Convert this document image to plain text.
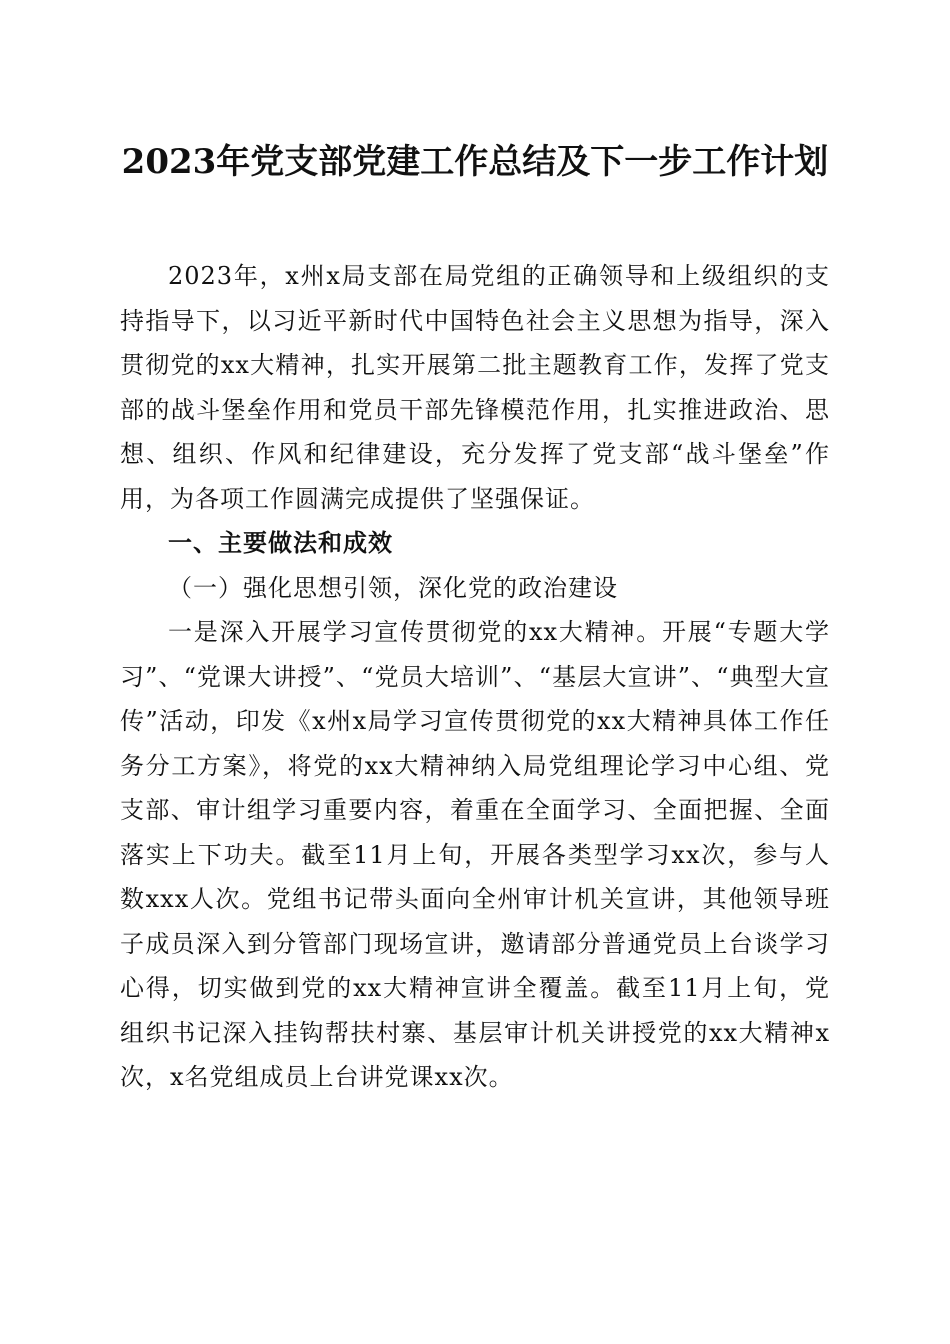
2023年党支部党建工作总结及下一步工作计划

2023年，x州x局支部在局党组的正确领导和上级组织的支持指导下，以习近平新时代中国特色社会主义思想为指导，深入贯彻党的xx大精神，扎实开展第二批主题教育工作，发挥了党支部的战斗堡垒作用和党员干部先锋模范作用，扎实推进政治、思想、组织、作风和纪律建设，充分发挥了党支部“战斗堡垒”作用，为各项工作圆满完成提供了坚强保证。

一、主要做法和成效

（一）强化思想引领，深化党的政治建设

一是深入开展学习宣传贯彻党的xx大精神。开展“专题大学习”、“党课大讲授”、“党员大培训”、“基层大宣讲”、“典型大宣传”活动，印发《x州x局学习宣传贯彻党的xx大精神具体工作任务分工方案》，将党的xx大精神纳入局党组理论学习中心组、党支部、审计组学习重要内容，着重在全面学习、全面把握、全面落实上下功夫。截至11月上旬，开展各类型学习xx次，参与人数xxx人次。党组书记带头面向全州审计机关宣讲，其他领导班子成员深入到分管部门现场宣讲，邀请部分普通党员上台谈学习心得，切实做到党的xx大精神宣讲全覆盖。截至11月上旬，党组织书记深入挂钩帮扶村寨、基层审计机关讲授党的xx大精神x次，x名党组成员上台讲党课xx次。
